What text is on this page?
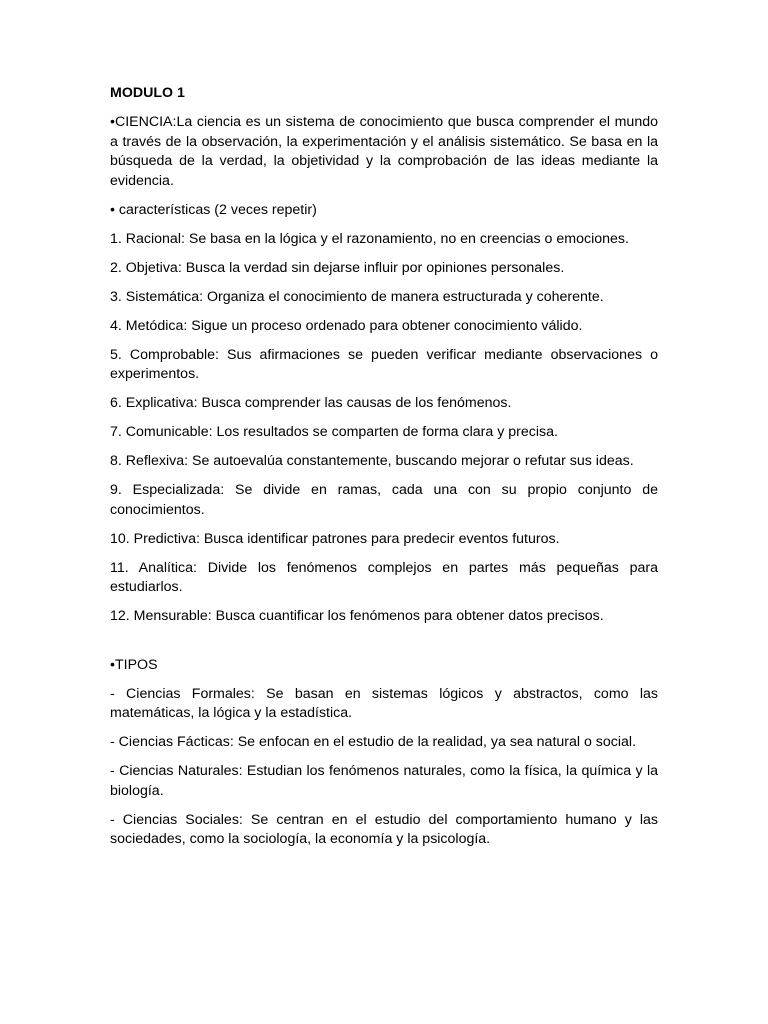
MODULO 1

•CIENCIA:La ciencia es un sistema de conocimiento que busca comprender el mundo a través de la observación, la experimentación y el análisis sistemático. Se basa en la búsqueda de la verdad, la objetividad y la comprobación de las ideas mediante la evidencia.

• características (2 veces repetir)

1. Racional: Se basa en la lógica y el razonamiento, no en creencias o emociones.

2. Objetiva: Busca la verdad sin dejarse influir por opiniones personales.

3. Sistemática: Organiza el conocimiento de manera estructurada y coherente.

4. Metódica: Sigue un proceso ordenado para obtener conocimiento válido.

5. Comprobable: Sus afirmaciones se pueden verificar mediante observaciones o experimentos.

6. Explicativa: Busca comprender las causas de los fenómenos.

7. Comunicable: Los resultados se comparten de forma clara y precisa.

8. Reflexiva: Se autoevalúa constantemente, buscando mejorar o refutar sus ideas.

9. Especializada: Se divide en ramas, cada una con su propio conjunto de conocimientos.

10. Predictiva: Busca identificar patrones para predecir eventos futuros.

11. Analítica: Divide los fenómenos complejos en partes más pequeñas para estudiarlos.

12. Mensurable: Busca cuantificar los fenómenos para obtener datos precisos.

•TIPOS

- Ciencias Formales: Se basan en sistemas lógicos y abstractos, como las matemáticas, la lógica y la estadística.

- Ciencias Fácticas: Se enfocan en el estudio de la realidad, ya sea natural o social.

- Ciencias Naturales: Estudian los fenómenos naturales, como la física, la química y la biología.

- Ciencias Sociales: Se centran en el estudio del comportamiento humano y las sociedades, como la sociología, la economía y la psicología.
